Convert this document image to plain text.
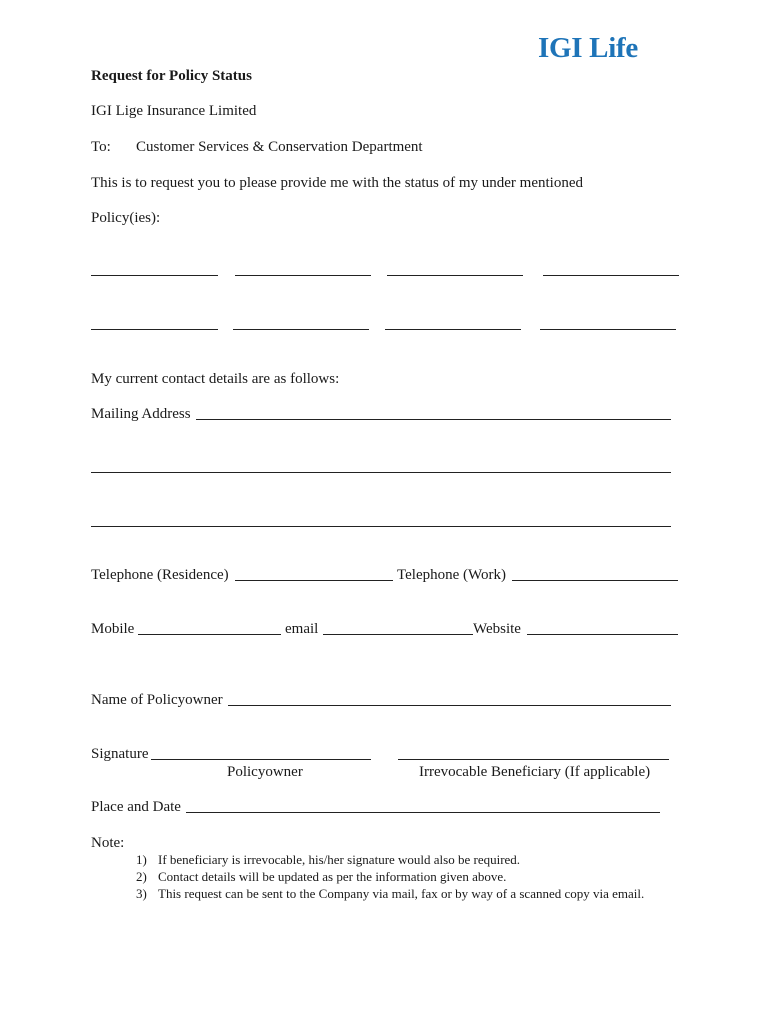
IGI Life
Request for Policy Status
IGI Lige Insurance Limited
To: Customer Services & Conservation Department
This is to request you to please provide me with the status of my under mentioned
Policy(ies):
My current contact details are as follows:
Mailing Address
Telephone (Residence)	Telephone (Work)
Mobile	email	Website
Name of Policyowner
Signature
Policyowner	Irrevocable Beneficiary (If applicable)
Place and Date
Note:
1) If beneficiary is irrevocable, his/her signature would also be required.
2) Contact details will be updated as per the information given above.
3) This request can be sent to the Company via mail, fax or by way of a scanned copy via email.
